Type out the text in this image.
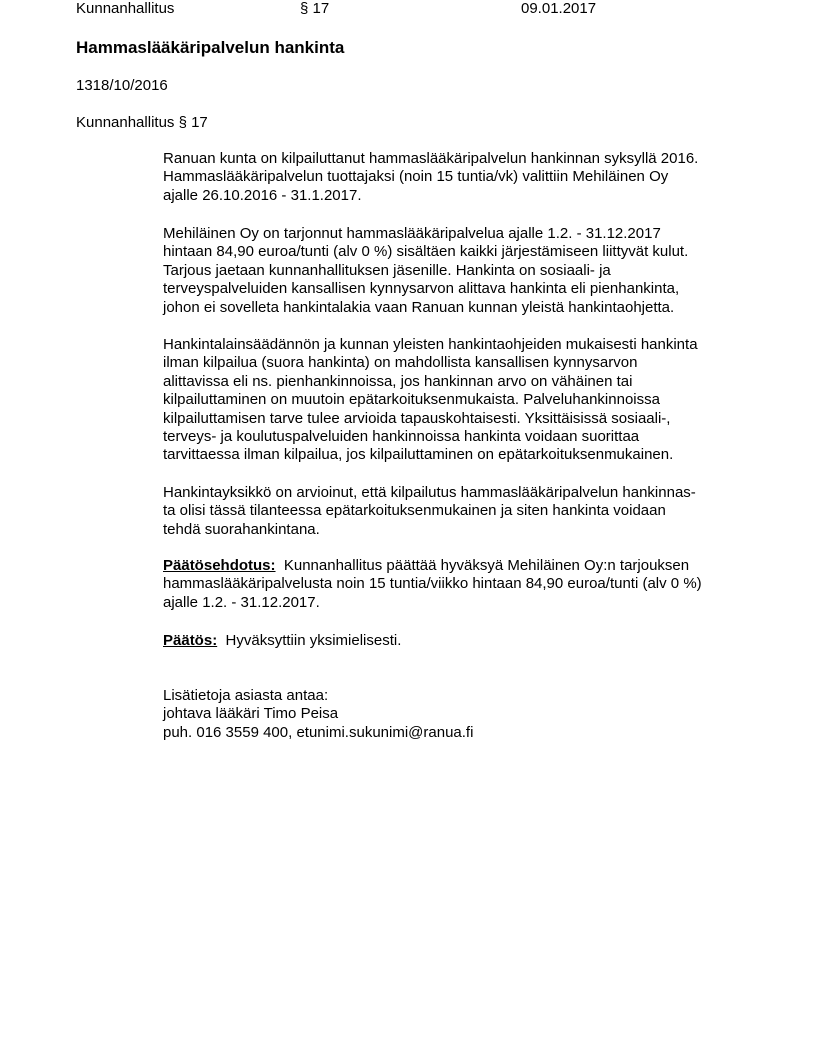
Kunnanhallitus	§ 17	09.01.2017
Hammaslääkäripalvelun hankinta
1318/10/2016
Kunnanhallitus § 17

Ranuan kunta on kilpailuttanut hammaslääkäripalvelun hankinnan syksyllä 2016.
Hammaslääkäripalvelun tuottajaksi (noin 15 tuntia/vk) valittiin Mehiläinen Oy
ajalle 26.10.2016 - 31.1.2017.

Mehiläinen Oy on tarjonnut hammaslääkäripalvelua ajalle 1.2. - 31.12.2017
hintaan 84,90 euroa/tunti (alv 0 %) sisältäen kaikki järjestämiseen liittyvät kulut.
Tarjous jaetaan kunnanhallituksen jäsenille. Hankinta on sosiaali- ja
terveyspalveluiden kansallisen kynnysarvon alittava hankinta eli pienhankinta,
johon ei sovelleta hankintalakia vaan Ranuan kunnan yleistä hankintaohjetta.

Hankintalainsäädännön ja kunnan yleisten hankintaohjeiden mukaisesti hankinta
ilman kilpailua (suora hankinta) on mahdollista kansallisen kynnysarvon
alittavissa eli ns. pienhankinnoissa, jos hankinnan arvo on vähäinen tai
kilpailuttaminen on muutoin epätarkoituksenmukaista. Palveluhankinnoissa
kilpailuttamisen tarve tulee arvioida tapauskohtaisesti. Yksittäisissä sosiaali-,
terveys- ja koulutuspalveluiden hankinnoissa hankinta voidaan suorittaa
tarvittaessa ilman kilpailua, jos kilpailuttaminen on epätarkoituksenmukainen.

Hankintayksikkö on arvioinut, että kilpailutus hammaslääkäripalvelun hankinnas-
ta olisi tässä tilanteessa epätarkoituksenmukainen ja siten hankinta voidaan
tehdä suorahankintana.

Päätösehdotus: Kunnanhallitus päättää hyväksyä Mehiläinen Oy:n tarjouksen
hammaslääkäripalvelusta noin 15 tuntia/viikko hintaan 84,90 euroa/tunti (alv 0 %)
ajalle 1.2. - 31.12.2017.

Päätös: Hyväksyttiin yksimielisesti.

Lisätietoja asiasta antaa:
johtava lääkäri Timo Peisa
puh. 016 3559 400, etunimi.sukunimi@ranua.fi
